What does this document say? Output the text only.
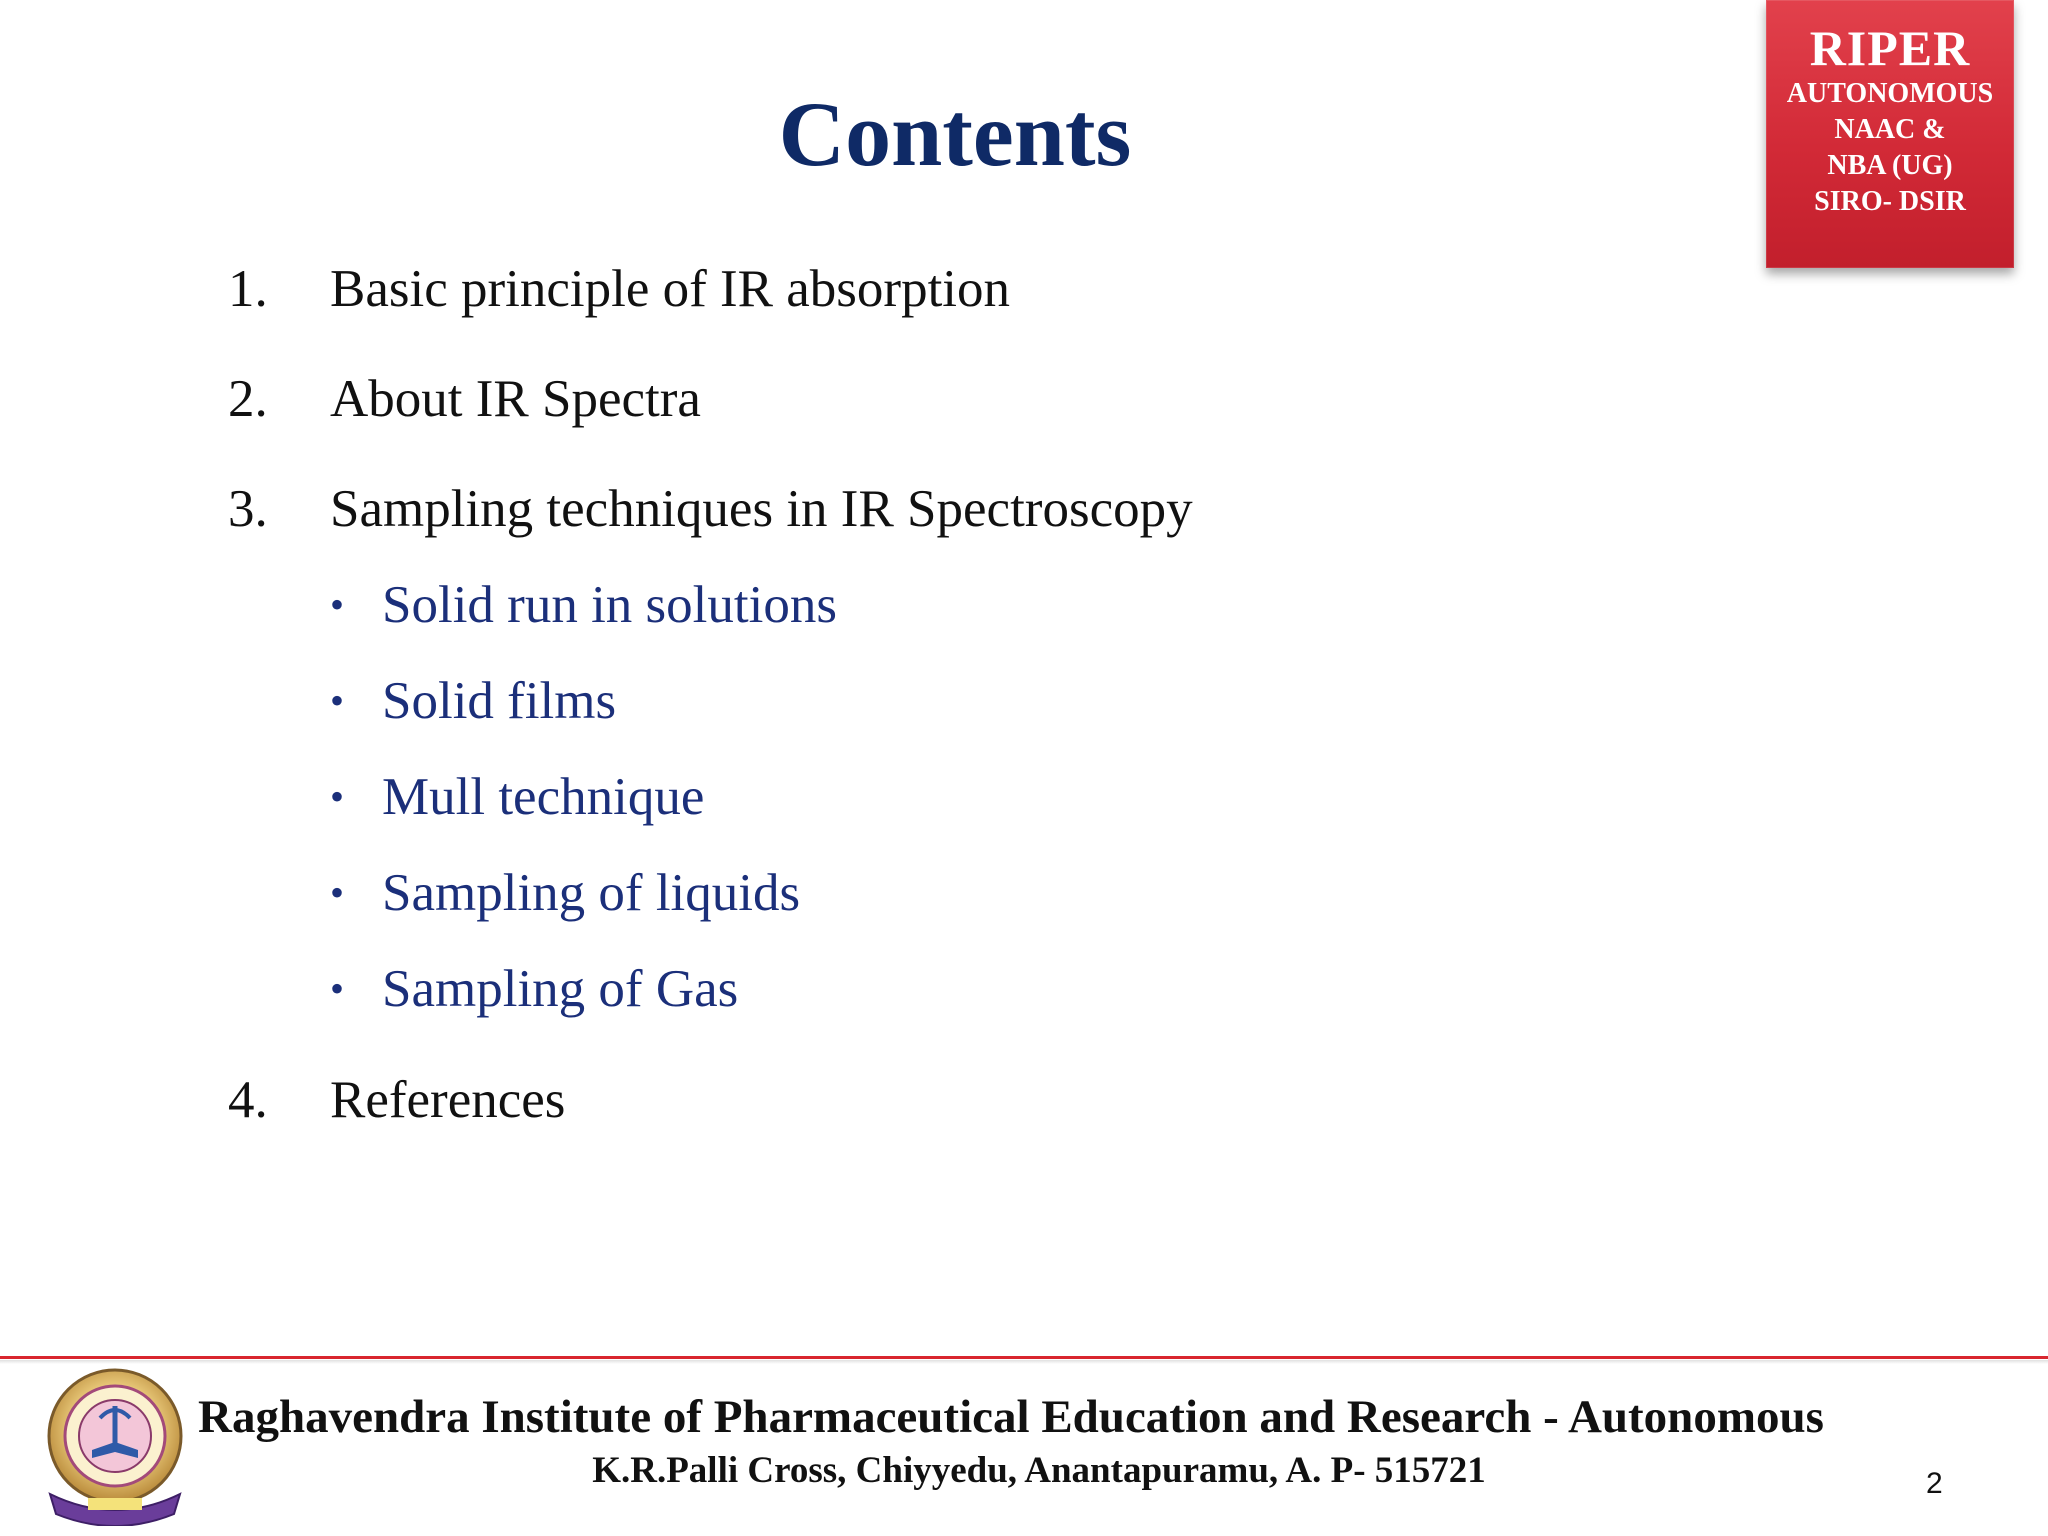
RIPER
AUTONOMOUS
NAAC &
NBA (UG)
SIRO- DSIR
Contents
1. Basic principle of IR absorption
2. About IR Spectra
3. Sampling techniques in IR Spectroscopy
• Solid run in solutions
• Solid films
• Mull technique
• Sampling of liquids
• Sampling of Gas
4. References
Raghavendra Institute of Pharmaceutical Education and Research - Autonomous
K.R.Palli Cross, Chiyyedu, Anantapuramu, A. P- 515721	2
